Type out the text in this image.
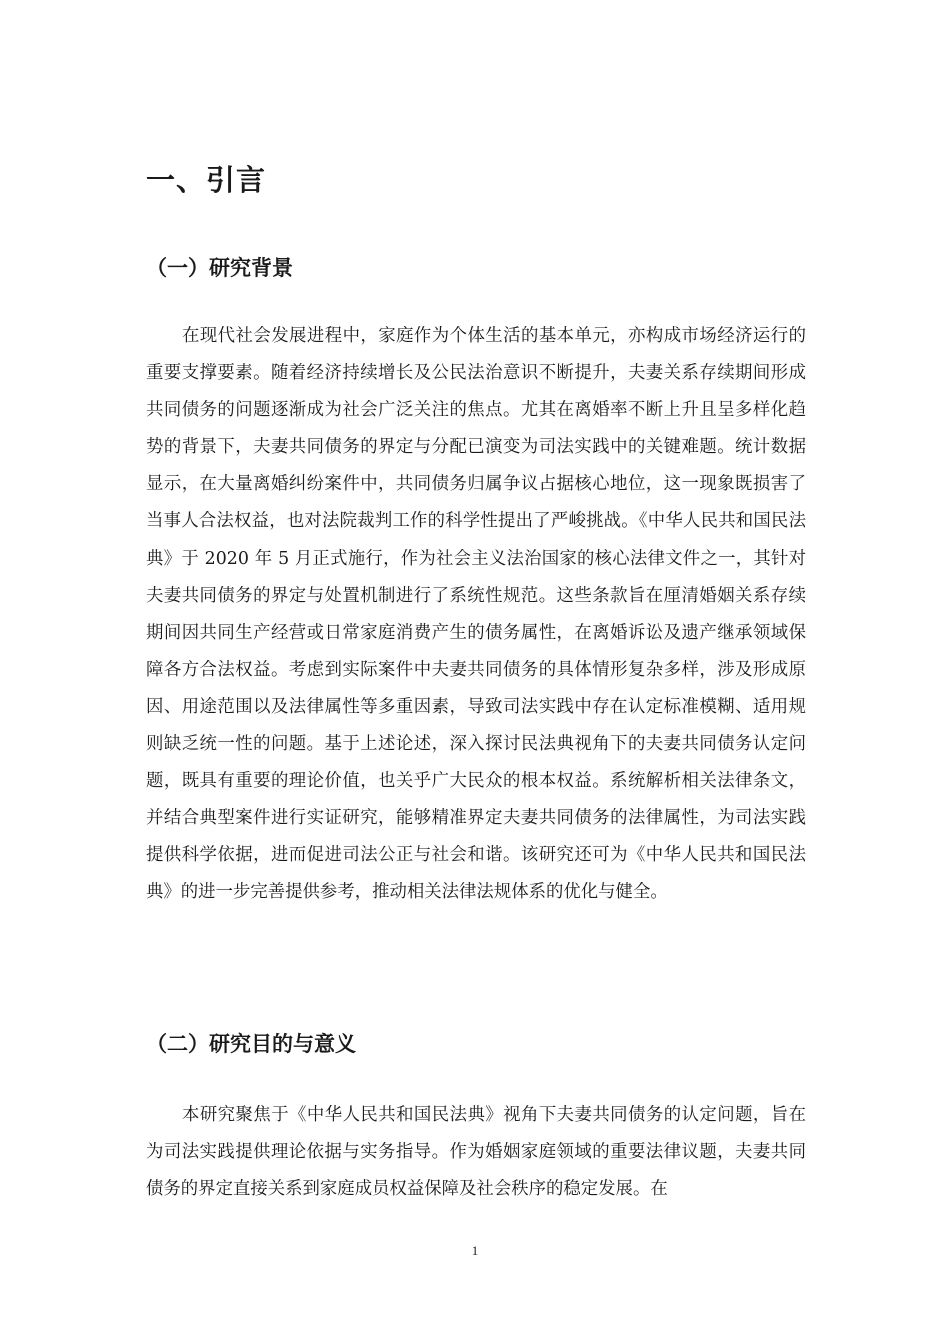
一、引言
（一）研究背景

在现代社会发展进程中，家庭作为个体生活的基本单元，亦构成市场经济运行的重要支撑要素。随着经济持续增长及公民法治意识不断提升，夫妻关系存续期间形成共同债务的问题逐渐成为社会广泛关注的焦点。尤其在离婚率不断上升且呈多样化趋势的背景下，夫妻共同债务的界定与分配已演变为司法实践中的关键难题。统计数据显示，在大量离婚纠纷案件中，共同债务归属争议占据核心地位，这一现象既损害了当事人合法权益，也对法院裁判工作的科学性提出了严峻挑战。《中华人民共和国民法典》于 2020 年 5 月正式施行，作为社会主义法治国家的核心法律文件之一，其针对夫妻共同债务的界定与处置机制进行了系统性规范。这些条款旨在厘清婚姻关系存续期间因共同生产经营或日常家庭消费产生的债务属性，在离婚诉讼及遗产继承领域保障各方合法权益。考虑到实际案件中夫妻共同债务的具体情形复杂多样，涉及形成原因、用途范围以及法律属性等多重因素，导致司法实践中存在认定标准模糊、适用规则缺乏统一性的问题。基于上述论述，深入探讨民法典视角下的夫妻共同债务认定问题，既具有重要的理论价值，也关乎广大民众的根本权益。系统解析相关法律条文，并结合典型案件进行实证研究，能够精准界定夫妻共同债务的法律属性，为司法实践提供科学依据，进而促进司法公正与社会和谐。该研究还可为《中华人民共和国民法典》的进一步完善提供参考，推动相关法律法规体系的优化与健全。

（二）研究目的与意义

本研究聚焦于《中华人民共和国民法典》视角下夫妻共同债务的认定问题，旨在为司法实践提供理论依据与实务指导。作为婚姻家庭领域的重要法律议题，夫妻共同债务的界定直接关系到家庭成员权益保障及社会秩序的稳定发展。在

1
